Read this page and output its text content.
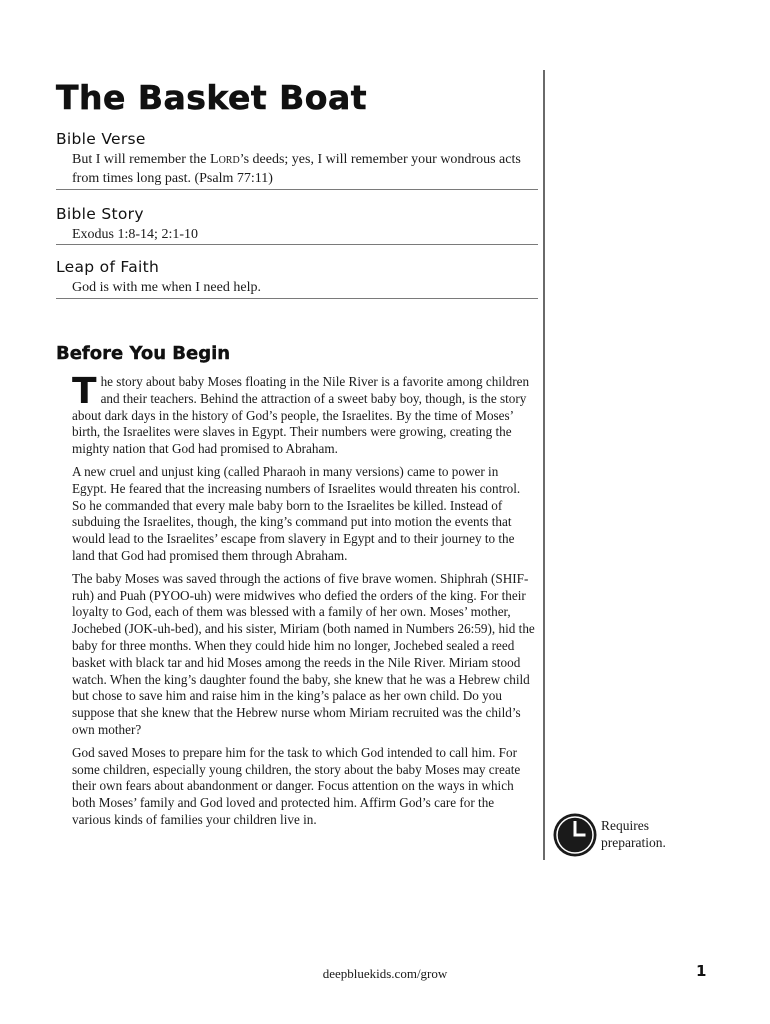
The Basket Boat
Bible Verse
But I will remember the Lord’s deeds; yes, I will remember your wondrous acts from times long past. (Psalm 77:11)
Bible Story
Exodus 1:8-14; 2:1-10
Leap of Faith
God is with me when I need help.
Before You Begin

The story about baby Moses floating in the Nile River is a favorite among children and their teachers. Behind the attraction of a sweet baby boy, though, is the story about dark days in the history of God’s people, the Israelites. By the time of Moses’ birth, the Israelites were slaves in Egypt. Their numbers were growing, creating the mighty nation that God had promised to Abraham.

A new cruel and unjust king (called Pharaoh in many versions) came to power in Egypt. He feared that the increasing numbers of Israelites would threaten his control. So he commanded that every male baby born to the Israelites be killed. Instead of subduing the Israelites, though, the king’s command put into motion the events that would lead to the Israelites’ escape from slavery in Egypt and to their journey to the land that God had promised them through Abraham.

The baby Moses was saved through the actions of five brave women. Shiphrah (SHIF-ruh) and Puah (PYOO-uh) were midwives who defied the orders of the king. For their loyalty to God, each of them was blessed with a family of her own. Moses’ mother, Jochebed (JOK-uh-bed), and his sister, Miriam (both named in Numbers 26:59), hid the baby for three months. When they could hide him no longer, Jochebed sealed a reed basket with black tar and hid Moses among the reeds in the Nile River. Miriam stood watch. When the king’s daughter found the baby, she knew that he was a Hebrew child but chose to save him and raise him in the king’s palace as her own child. Do you suppose that she knew that the Hebrew nurse whom Miriam recruited was the child’s own mother?

God saved Moses to prepare him for the task to which God intended to call him. For some children, especially young children, the story about the baby Moses may create their own fears about abandonment or danger. Focus attention on the ways in which both Moses’ family and God loved and protected him. Affirm God’s care for the various kinds of families your children live in.	Requires
preparation.
deepbluekids.com/grow	1
